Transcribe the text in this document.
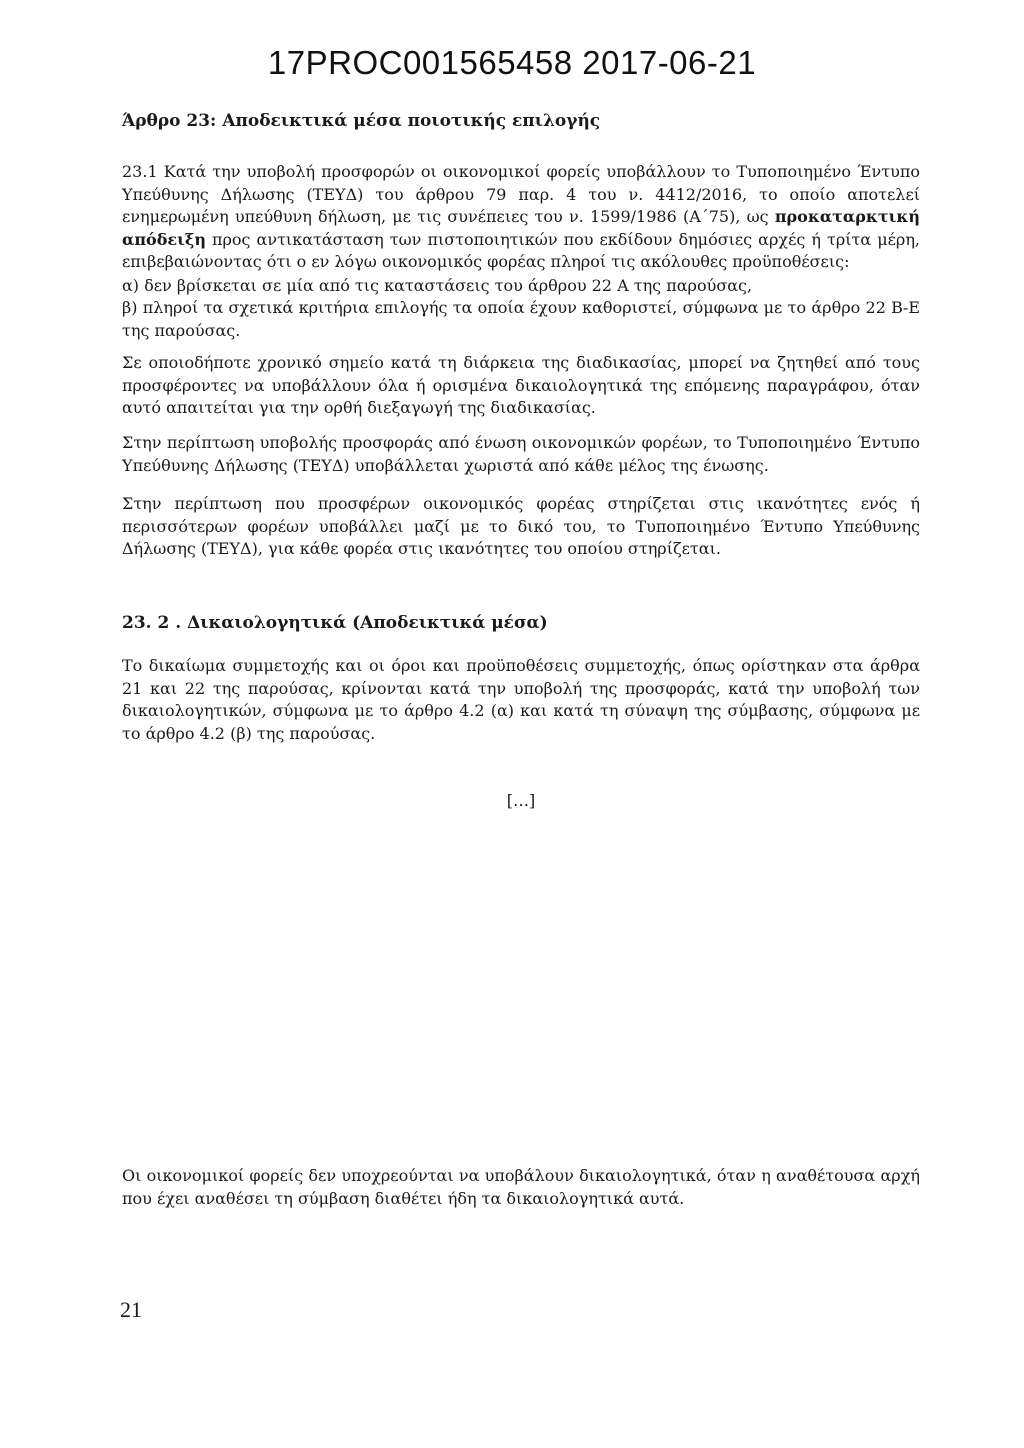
17PROC001565458 2017-06-21

Άρθρο 23: Αποδεικτικά μέσα ποιοτικής επιλογής

23.1 Κατά την υποβολή προσφορών οι οικονομικοί φορείς υποβάλλουν το Τυποποιημένο Έντυπο Υπεύθυνης Δήλωσης (ΤΕΥΔ) του άρθρου 79 παρ. 4 του ν. 4412/2016, το οποίο αποτελεί ενημερωμένη υπεύθυνη δήλωση, με τις συνέπειες του ν. 1599/1986 (Α΄75), ως προκαταρκτική απόδειξη προς αντικατάσταση των πιστοποιητικών που εκδίδουν δημόσιες αρχές ή τρίτα μέρη, επιβεβαιώνοντας ότι ο εν λόγω οικονομικός φορέας πληροί τις ακόλουθες προϋποθέσεις:

α) δεν βρίσκεται σε μία από τις καταστάσεις του άρθρου 22 Α της παρούσας,

β) πληροί τα σχετικά κριτήρια επιλογής τα οποία έχουν καθοριστεί, σύμφωνα με το άρθρο 22 Β-Ε της παρούσας.

Σε οποιοδήποτε χρονικό σημείο κατά τη διάρκεια της διαδικασίας, μπορεί να ζητηθεί από τους προσφέροντες να υποβάλλουν όλα ή ορισμένα δικαιολογητικά της επόμενης παραγράφου, όταν αυτό απαιτείται για την ορθή διεξαγωγή της διαδικασίας.

Στην περίπτωση υποβολής προσφοράς από ένωση οικονομικών φορέων, το Τυποποιημένο Έντυπο Υπεύθυνης Δήλωσης (ΤΕΥΔ) υποβάλλεται χωριστά από κάθε μέλος της ένωσης.

Στην περίπτωση που προσφέρων οικονομικός φορέας στηρίζεται στις ικανότητες ενός ή περισσότερων φορέων υποβάλλει μαζί με το δικό του, το Τυποποιημένο Έντυπο Υπεύθυνης Δήλωσης (ΤΕΥΔ), για κάθε φορέα στις ικανότητες του οποίου στηρίζεται.

23. 2 . Δικαιολογητικά (Αποδεικτικά μέσα)

Το δικαίωμα συμμετοχής και οι όροι και προϋποθέσεις συμμετοχής, όπως ορίστηκαν στα άρθρα 21 και 22 της παρούσας, κρίνονται κατά την υποβολή της προσφοράς, κατά την υποβολή των δικαιολογητικών, σύμφωνα με το άρθρο 4.2 (α) και κατά τη σύναψη της σύμβασης, σύμφωνα με το άρθρο 4.2 (β) της παρούσας.

[…]

Οι οικονομικοί φορείς δεν υποχρεούνται να υποβάλουν δικαιολογητικά, όταν η αναθέτουσα αρχή που έχει αναθέσει τη σύμβαση διαθέτει ήδη τα δικαιολογητικά αυτά.

21
